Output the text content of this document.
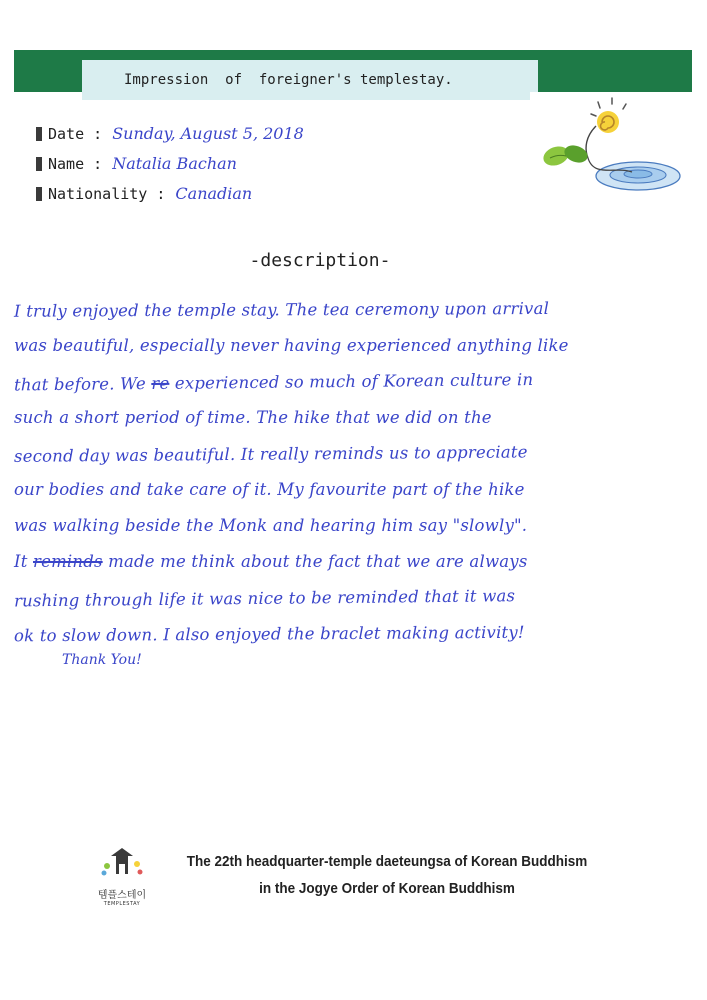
Impression  of  foreigner's templestay.
Date : Sunday, August 5, 2018
Name : Natalia Bachan
Nationality : Canadian
-description-
I truly enjoyed the temple stay. The tea ceremony upon arrival
was beautiful, especially never having experienced anything like
that before. We re experienced so much of Korean culture in
such a short period of time. The hike that we did on the
second day was beautiful. It really reminds us to appreciate
our bodies and take care of it. My favourite part of the hike
was walking beside the Monk and hearing him say "slowly".
It reminds made me think about the fact that we are always
rushing through life it was nice to be reminded that it was
ok to slow down. I also enjoyed the braclet making activity!
Thank You!
템플스테이
TEMPLESTAY
The 22th headquarter-temple daeteungsa of Korean Buddhism
in the Jogye Order of Korean Buddhism
